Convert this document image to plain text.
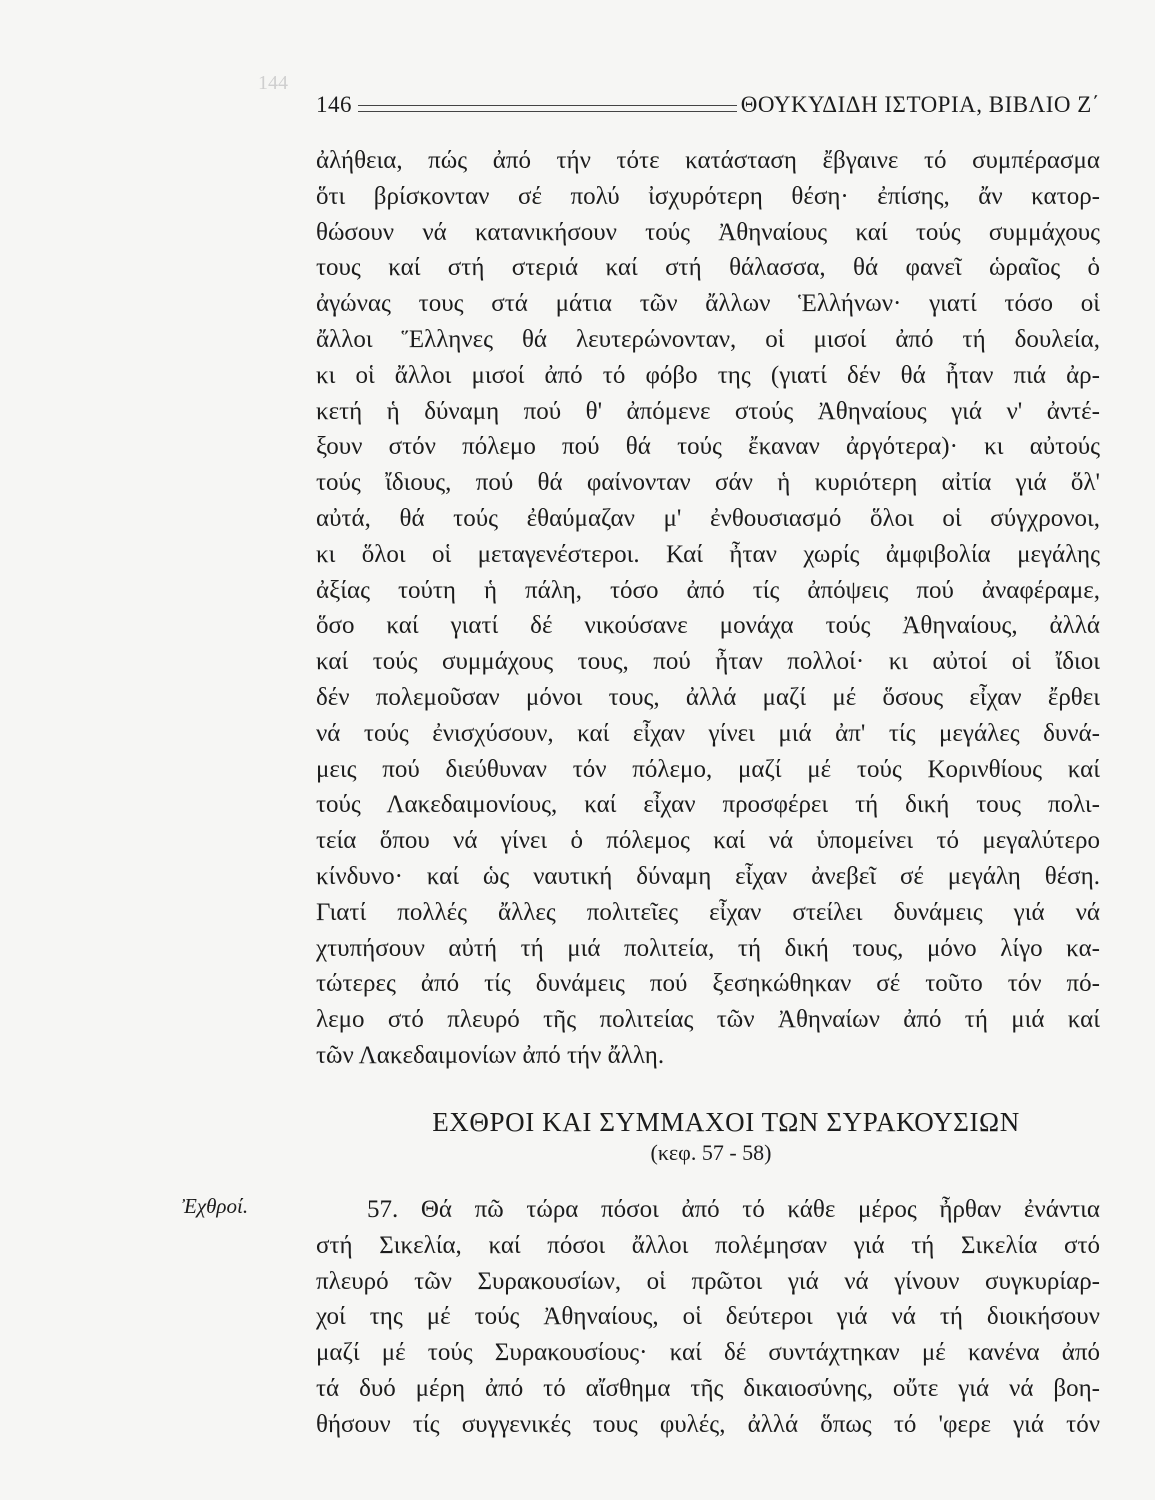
144

146	ΘΟΥΚΥΔΙΔΗ ΙΣΤΟΡΙΑ, ΒΙΒΛΙΟ Ζ΄
ἀλήθεια, πώς ἀπό τήν τότε κατάσταση ἔβγαινε τό συμπέρασμα
ὅτι βρίσκονταν σέ πολύ ἰσχυρότερη θέση· ἐπίσης, ἄν κατορ-
θώσουν νά κατανικήσουν τούς Ἀθηναίους καί τούς συμμάχους
τους καί στή στεριά καί στή θάλασσα, θά φανεῖ ὡραῖος ὁ
ἀγώνας τους στά μάτια τῶν ἄλλων Ἑλλήνων· γιατί τόσο οἱ
ἄλλοι Ἕλληνες θά λευτερώνονταν, οἱ μισοί ἀπό τή δουλεία,
κι οἱ ἄλλοι μισοί ἀπό τό φόβο της (γιατί δέν θά ἦταν πιά ἀρ-
κετή ἡ δύναμη πού θ' ἀπόμενε στούς Ἀθηναίους γιά ν' ἀντέ-
ξουν στόν πόλεμο πού θά τούς ἔκαναν ἀργότερα)· κι αὐτούς
τούς ἴδιους, πού θά φαίνονταν σάν ἡ κυριότερη αἰτία γιά ὅλ'
αὐτά, θά τούς ἐθαύμαζαν μ' ἐνθουσιασμό ὅλοι οἱ σύγχρονοι,
κι ὅλοι οἱ μεταγενέστεροι. Καί ἦταν χωρίς ἀμφιβολία μεγάλης
ἀξίας τούτη ἡ πάλη, τόσο ἀπό τίς ἀπόψεις πού ἀναφέραμε,
ὅσο καί γιατί δέ νικούσανε μονάχα τούς Ἀθηναίους, ἀλλά
καί τούς συμμάχους τους, πού ἦταν πολλοί· κι αὐτοί οἱ ἴδιοι
δέν πολεμοῦσαν μόνοι τους, ἀλλά μαζί μέ ὅσους εἶχαν ἔρθει
νά τούς ἐνισχύσουν, καί εἶχαν γίνει μιά ἀπ' τίς μεγάλες δυνά-
μεις πού διεύθυναν τόν πόλεμο, μαζί μέ τούς Κορινθίους καί
τούς Λακεδαιμονίους, καί εἶχαν προσφέρει τή δική τους πολι-
τεία ὅπου νά γίνει ὁ πόλεμος καί νά ὑπομείνει τό μεγαλύτερο
κίνδυνο· καί ὡς ναυτική δύναμη εἶχαν ἀνεβεῖ σέ μεγάλη θέση.
Γιατί πολλές ἄλλες πολιτεῖες εἶχαν στείλει δυνάμεις γιά νά
χτυπήσουν αὐτή τή μιά πολιτεία, τή δική τους, μόνο λίγο κα-
τώτερες ἀπό τίς δυνάμεις πού ξεσηκώθηκαν σέ τοῦτο τόν πό-
λεμο στό πλευρό τῆς πολιτείας τῶν Ἀθηναίων ἀπό τή μιά καί
τῶν Λακεδαιμονίων ἀπό τήν ἄλλη.
ΕΧΘΡΟΙ ΚΑΙ ΣΥΜΜΑΧΟΙ ΤΩΝ ΣΥΡΑΚΟΥΣΙΩΝ
(κεφ. 57 - 58)
Ἐχθροί.	57. Θά πῶ τώρα πόσοι ἀπό τό κάθε μέρος ἦρθαν ἐνάντια
στή Σικελία, καί πόσοι ἄλλοι πολέμησαν γιά τή Σικελία στό
πλευρό τῶν Συρακουσίων, οἱ πρῶτοι γιά νά γίνουν συγκυρίαρ-
χοί της μέ τούς Ἀθηναίους, οἱ δεύτεροι γιά νά τή διοικήσουν
μαζί μέ τούς Συρακουσίους· καί δέ συντάχτηκαν μέ κανένα ἀπό
τά δυό μέρη ἀπό τό αἴσθημα τῆς δικαιοσύνης, οὔτε γιά νά βοη-
θήσουν τίς συγγενικές τους φυλές, ἀλλά ὅπως τό 'φερε γιά τόν
